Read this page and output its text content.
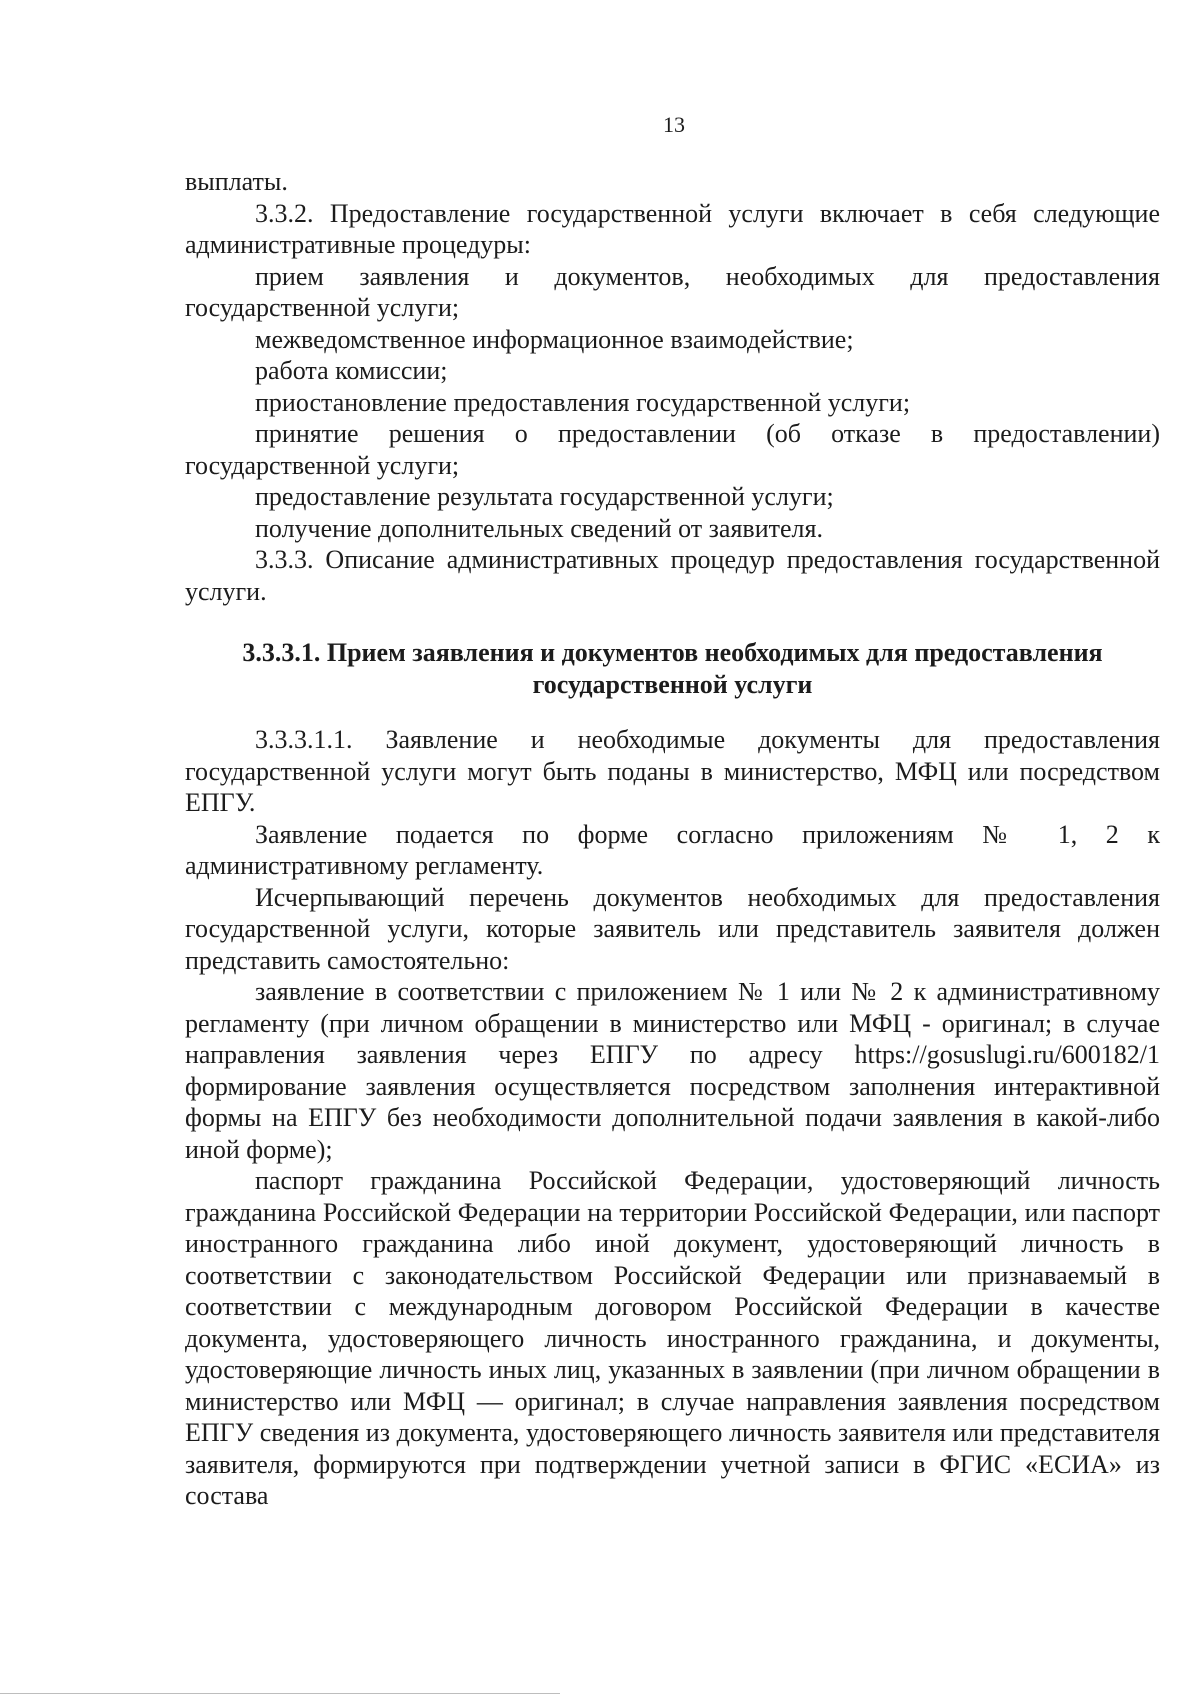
13

выплаты.

3.3.2. Предоставление государственной услуги включает в себя следующие административные процедуры:

прием заявления и документов, необходимых для предоставления государственной услуги;

межведомственное информационное взаимодействие;

работа комиссии;

приостановление предоставления государственной услуги;

принятие решения о предоставлении (об отказе в предоставлении) государственной услуги;

предоставление результата государственной услуги;

получение дополнительных сведений от заявителя.

3.3.3. Описание административных процедур предоставления государственной услуги.

3.3.3.1. Прием заявления и документов необходимых для предоставления
государственной услуги

3.3.3.1.1. Заявление и необходимые документы для предоставления государственной услуги могут быть поданы в министерство, МФЦ или посредством ЕПГУ.

Заявление подается по форме согласно приложениям № 1, 2 к административному регламенту.

Исчерпывающий перечень документов необходимых для предоставления государственной услуги, которые заявитель или представитель заявителя должен представить самостоятельно:

заявление в соответствии с приложением № 1 или № 2 к административному регламенту (при личном обращении в министерство или МФЦ - оригинал; в случае направления заявления через ЕПГУ по адресу https://gosuslugi.ru/600182/1 формирование заявления осуществляется посредством заполнения интерактивной формы на ЕПГУ без необходимости дополнительной подачи заявления в какой-либо иной форме);

паспорт гражданина Российской Федерации, удостоверяющий личность гражданина Российской Федерации на территории Российской Федерации, или паспорт иностранного гражданина либо иной документ, удостоверяющий личность в соответствии с законодательством Российской Федерации или признаваемый в соответствии с международным договором Российской Федерации в качестве документа, удостоверяющего личность иностранного гражданина, и документы, удостоверяющие личность иных лиц, указанных в заявлении (при личном обращении в министерство или МФЦ — оригинал; в случае направления заявления посредством ЕПГУ сведения из документа, удостоверяющего личность заявителя или представителя заявителя, формируются при подтверждении учетной записи в ФГИС «ЕСИА» из состава
